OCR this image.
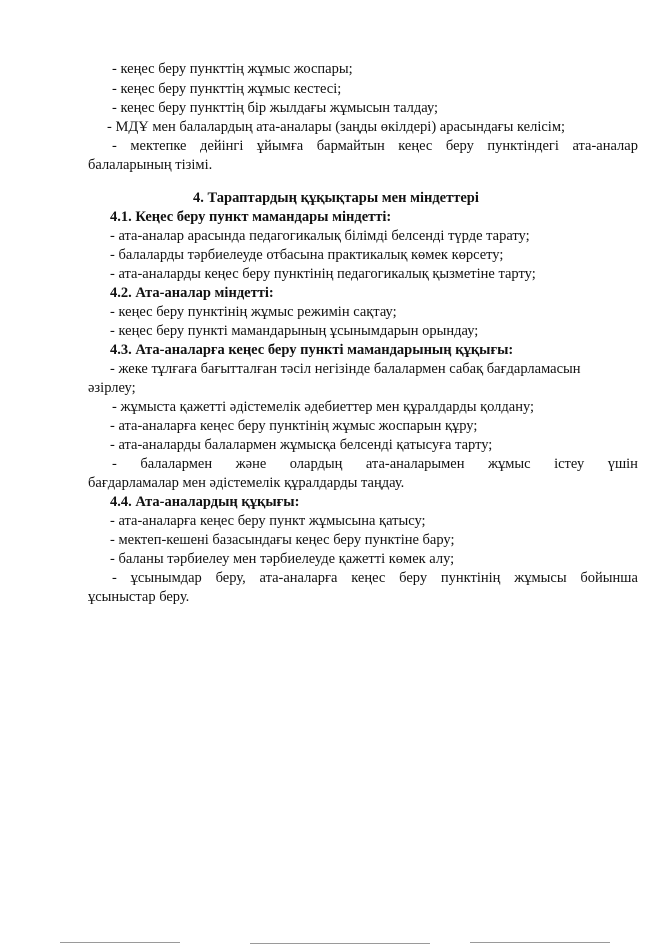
- кеңес беру пункттің жұмыс жоспары;
- кеңес беру пункттің жұмыс кестесі;
- кеңес беру пункттің бір жылдағы жұмысын талдау;
- МДҰ мен балалардың ата-аналары (заңды өкілдері) арасындағы келісім;
- мектепке дейінгі ұйымға бармайтын кеңес беру пунктіндегі ата-аналар
балаларының тізімі.
4. Тараптардың құқықтары мен міндеттері
4.1. Кеңес беру пункт мамандары міндетті:
- ата-аналар арасында педагогикалық білімді белсенді түрде тарату;
- балаларды тәрбиелеуде отбасына практикалық көмек көрсету;
- ата-аналарды кеңес беру пунктінің педагогикалық қызметіне тарту;
4.2. Ата-аналар міндетті:
- кеңес беру пунктінің жұмыс режимін сақтау;
- кеңес беру пункті мамандарының ұсынымдарын орындау;
4.3. Ата-аналарға кеңес беру пункті мамандарының құқығы:
- жеке тұлғаға бағытталған тәсіл негізінде балалармен сабақ бағдарламасын
әзірлеу;
- жұмыста қажетті әдістемелік әдебиеттер мен құралдарды қолдану;
- ата-аналарға кеңес беру пунктінің жұмыс жоспарын құру;
- ата-аналарды балалармен жұмысқа белсенді қатысуға тарту;
- балалармен және олардың ата-аналарымен жұмыс істеу үшін
бағдарламалар мен әдістемелік құралдарды таңдау.
4.4. Ата-аналардың құқығы:
- ата-аналарға кеңес беру пункт жұмысына қатысу;
- мектеп-кешені базасындағы кеңес беру пунктіне бару;
- баланы тәрбиелеу мен тәрбиелеуде қажетті көмек алу;
- ұсынымдар беру, ата-аналарға кеңес беру пунктінің жұмысы бойынша
ұсыныстар беру.
